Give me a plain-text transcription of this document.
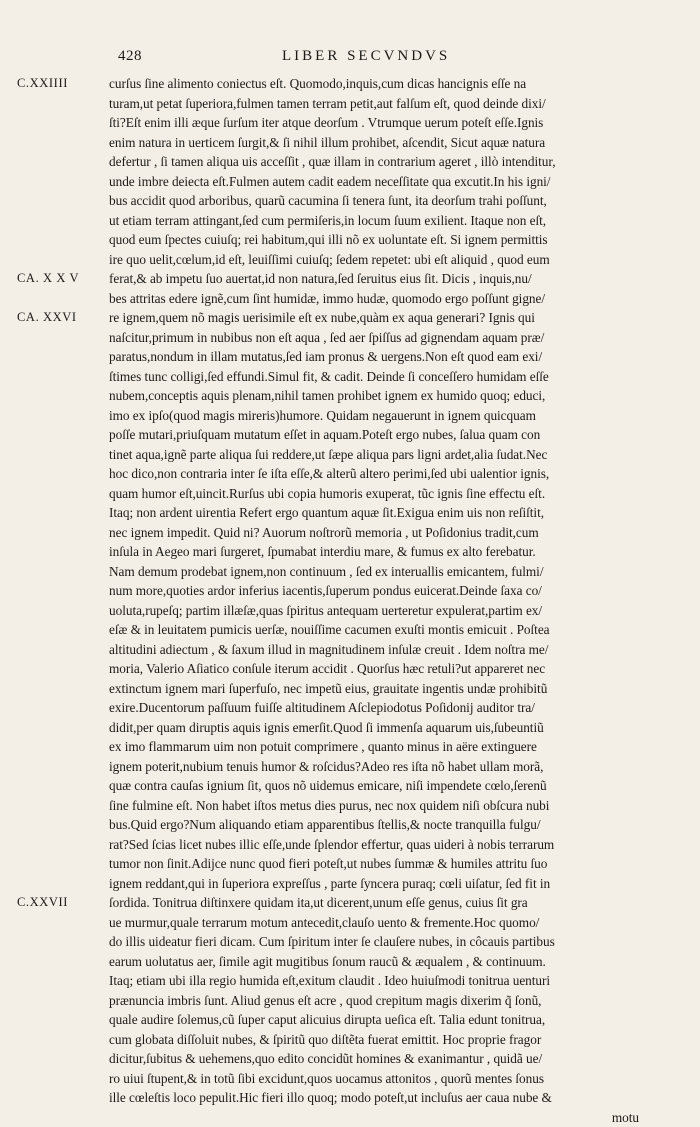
428	LIBER SECVNDVS
C.XXIIII	curſus ſine alimento coniectus eſt. Quomodo,inquis,cum dicas hancignis eſſe na
turam,ut petat ſuperiora,fulmen tamen terram petit,aut falſum eſt, quod deinde dixi/
ſti?Eſt enim illi æque ſurſum iter atque deorſum . Vtrumque uerum poteſt eſſe.Ignis
enim natura in uerticem ſurgit,& ſi nihil illum prohibet, aſcendit, Sicut aquæ natura
defertur , ſi tamen aliqua uis acceſſit , quæ illam in contrarium ageret , illò intenditur,
unde imbre deiecta eſt.Fulmen autem cadit eadem neceſſitate qua excutit.In his igni/
bus accidit quod arboribus, quarũ cacumina ſi tenera ſunt, ita deorſum trahi poſſunt,
ut etiam terram attingant,ſed cum permiſeris,in locum ſuum exilient. Itaque non eſt,
quod eum ſpectes cuiuſq; rei habitum,qui illi nõ ex uoluntate eſt. Si ignem permittis
ire quo uelit,cœlum,id eſt, leuiſſimi cuiuſq; ſedem repetet: ubi eſt aliquid , quod eum
CA. X X V ferat,& ab impetu ſuo auertat,id non natura,ſed ſeruitus eius ſit. Dicis , inquis,nu/
bes attritas edere ignẽ,cum ſint humidæ, immo hudæ, quomodo ergo poſſunt gigne/
CA. XXVI re ignem,quem nõ magis uerisimile eſt ex nube,quàm ex aqua generari? Ignis qui
naſcitur,primum in nubibus non eſt aqua , ſed aer ſpiſſus ad gignendam aquam præ/
paratus,nondum in illam mutatus,ſed iam pronus & uergens.Non eſt quod eam exi/
ſtimes tunc colligi,ſed effundi.Simul fit, & cadit. Deinde ſi conceſſero humidam eſſe
nubem,conceptis aquis plenam,nihil tamen prohibet ignem ex humido quoq; educi,
imo ex ipſo(quod magis mireris)humore. Quidam negauerunt in ignem quicquam
poſſe mutari,priuſquam mutatum eſſet in aquam.Poteſt ergo nubes, ſalua quam con
tinet aqua,ignẽ parte aliqua ſui reddere,ut ſæpe aliqua pars ligni ardet,alia ſudat.Nec
hoc dico,non contraria inter ſe iſta eſſe,& alterũ altero perimi,ſed ubi ualentior ignis,
quam humor eſt,uincit.Rurſus ubi copia humoris exuperat, tũc ignis ſine effectu eſt.
Itaq; non ardent uirentia Refert ergo quantum aquæ ſit.Exigua enim uis non reſiſtit,
nec ignem impedit. Quid ni? Auorum noſtrorũ memoria , ut Poſidonius tradit,cum
inſula in Aegeo mari ſurgeret, ſpumabat interdiu mare, & fumus ex alto ferebatur.
Nam demum prodebat ignem,non continuum , ſed ex interuallis emicantem, fulmi/
num more,quoties ardor inferius iacentis,ſuperum pondus euicerat.Deinde ſaxa co/
uoluta,rupeſq; partim illæſæ,quas ſpiritus antequam uerteretur expulerat,partim ex/
eſæ & in leuitatem pumicis uerſæ, nouiſſime cacumen exuſti montis emicuit . Poſtea
altitudini adiectum , & ſaxum illud in magnitudinem inſulæ creuit . Idem noſtra me/
moria, Valerio Aſiatico conſule iterum accidit . Quorſus hæc retuli?ut appareret nec
extinctum ignem mari ſuperfuſo, nec impetũ eius, grauitate ingentis undæ prohibitũ
exire.Ducentorum paſſuum fuiſſe altitudinem Aſclepiodotus Poſidonij auditor tra/
didit,per quam diruptis aquis ignis emerſit.Quod ſi immenſa aquarum uis,ſubeuntiũ
ex imo flammarum uim non potuit comprimere , quanto minus in aëre extinguere
ignem poterit,nubium tenuis humor & roſcidus?Adeo res iſta nõ habet ullam morã,
quæ contra cauſas ignium ſit, quos nõ uidemus emicare, niſi impendete cœlo,ſerenũ
ſine fulmine eſt. Non habet iſtos metus dies purus, nec nox quidem niſi obſcura nubi
bus.Quid ergo?Num aliquando etiam apparentibus ſtellis,& nocte tranquilla fulgu/
rat?Sed ſcias licet nubes illic eſſe,unde ſplendor effertur, quas uideri à nobis terrarum
tumor non ſinit.Adijce nunc quod fieri poteſt,ut nubes ſummæ & humiles attritu ſuo
ignem reddant,qui in ſuperiora expreſſus , parte ſyncera puraq; cœli uiſatur, ſed fit in
C.XXVII	ſordida. Tonitrua diſtinxere quidam ita,ut dicerent,unum eſſe genus, cuius ſit gra
ue murmur,quale terrarum motum antecedit,clauſo uento & fremente.Hoc quomo/
do illis uideatur fieri dicam. Cum ſpiritum inter ſe clauſere nubes, in côcauis partibus
earum uolutatus aer, ſimile agit mugitibus ſonum raucũ & æqualem , & continuum.
Itaq; etiam ubi illa regio humida eſt,exitum claudit . Ideo huiuſmodi tonitrua uenturi
prænuncia imbris ſunt. Aliud genus eſt acre , quod crepitum magis dixerim q̃ ſonũ,
quale audire ſolemus,cũ ſuper caput alicuius dirupta ueſica eſt. Talia edunt tonitrua,
cum globata diſſoluit nubes, & ſpiritũ quo diſtẽta fuerat emittit. Hoc proprie fragor
dicitur,ſubitus & uehemens,quo edito concidũt homines & exanimantur , quidã ue/
ro uiui ſtupent,& in totũ ſibi excidunt,quos uocamus attonitos , quorũ mentes ſonus
ille cœleſtis loco pepulit.Hic fieri illo quoq; modo poteſt,ut incluſus aer caua nube &
motu
